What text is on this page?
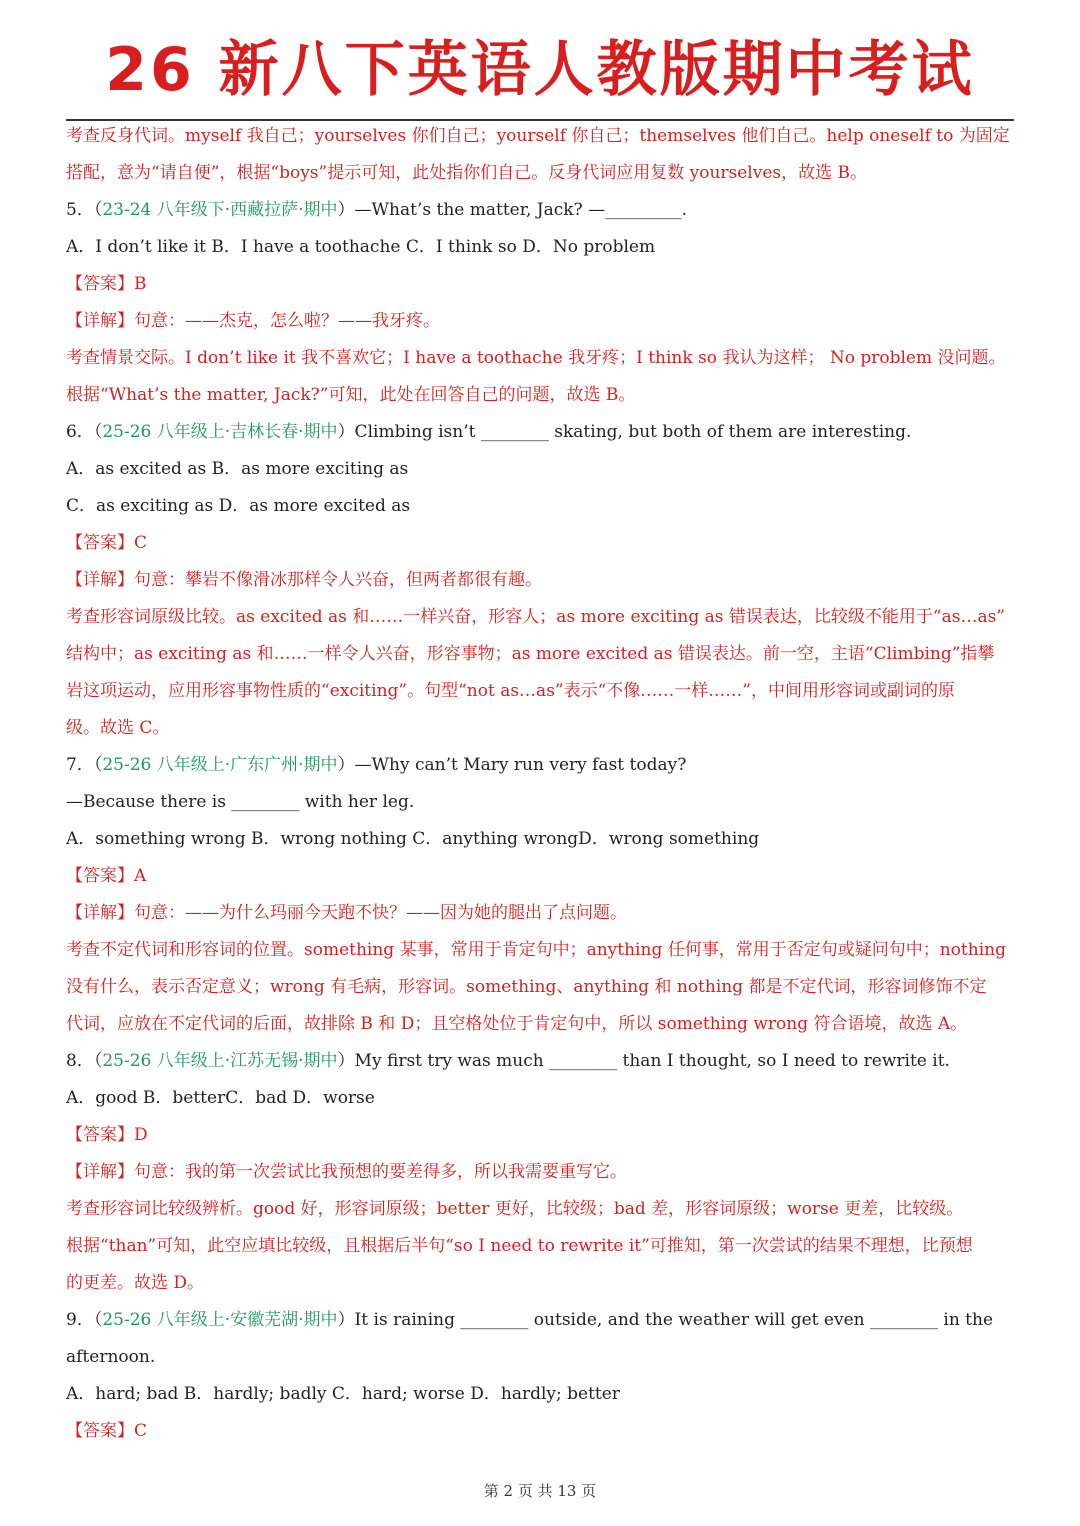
26 新八下英语人教版期中考试
考查反身代词。myself 我自己；yourselves 你们自己；yourself 你自己；themselves 他们自己。help oneself to 为固定
搭配，意为“请自便”，根据“boys”提示可知，此处指你们自己。反身代词应用复数 yourselves，故选 B。
5．（23-24 八年级下·西藏拉萨·期中）—What’s the matter, Jack? —_________.
A．I don’t like it B．I have a toothache C．I think so D．No problem
【答案】B
【详解】句意：——杰克，怎么啦？——我牙疼。
考查情景交际。I don’t like it 我不喜欢它；I have a toothache 我牙疼；I think so 我认为这样； No problem 没问题。
根据“What’s the matter, Jack?”可知，此处在回答自己的问题，故选 B。
6．（25-26 八年级上·吉林长春·期中）Climbing isn’t ________ skating, but both of them are interesting.
A．as excited as B．as more exciting as
C．as exciting as D．as more excited as
【答案】C
【详解】句意：攀岩不像滑冰那样令人兴奋，但两者都很有趣。
考查形容词原级比较。as excited as 和……一样兴奋，形容人；as more exciting as 错误表达，比较级不能用于“as…as”
结构中；as exciting as 和……一样令人兴奋，形容事物；as more excited as 错误表达。前一空，主语“Climbing”指攀
岩这项运动，应用形容事物性质的“exciting”。句型“not as…as”表示“不像……一样……”，中间用形容词或副词的原
级。故选 C。
7．（25-26 八年级上·广东广州·期中）—Why can’t Mary run very fast today?
—Because there is ________ with her leg.
A．something wrong B．wrong nothing C．anything wrongD．wrong something
【答案】A
【详解】句意：——为什么玛丽今天跑不快？——因为她的腿出了点问题。
考查不定代词和形容词的位置。something 某事，常用于肯定句中；anything 任何事，常用于否定句或疑问句中；nothing
没有什么，表示否定意义；wrong 有毛病，形容词。something、anything 和 nothing 都是不定代词，形容词修饰不定
代词，应放在不定代词的后面，故排除 B 和 D；且空格处位于肯定句中，所以 something wrong 符合语境，故选 A。
8．（25-26 八年级上·江苏无锡·期中）My first try was much ________ than I thought, so I need to rewrite it.
A．good B．betterC．bad D．worse
【答案】D
【详解】句意：我的第一次尝试比我预想的要差得多，所以我需要重写它。
考查形容词比较级辨析。good 好，形容词原级；better 更好，比较级；bad 差，形容词原级；worse 更差，比较级。
根据“than”可知，此空应填比较级，且根据后半句“so I need to rewrite it”可推知，第一次尝试的结果不理想，比预想
的更差。故选 D。
9．（25-26 八年级上·安徽芜湖·期中）It is raining ________ outside, and the weather will get even ________ in the
afternoon.
A．hard; bad B．hardly; badly C．hard; worse D．hardly; better
【答案】C
第 2 页 共 13 页
